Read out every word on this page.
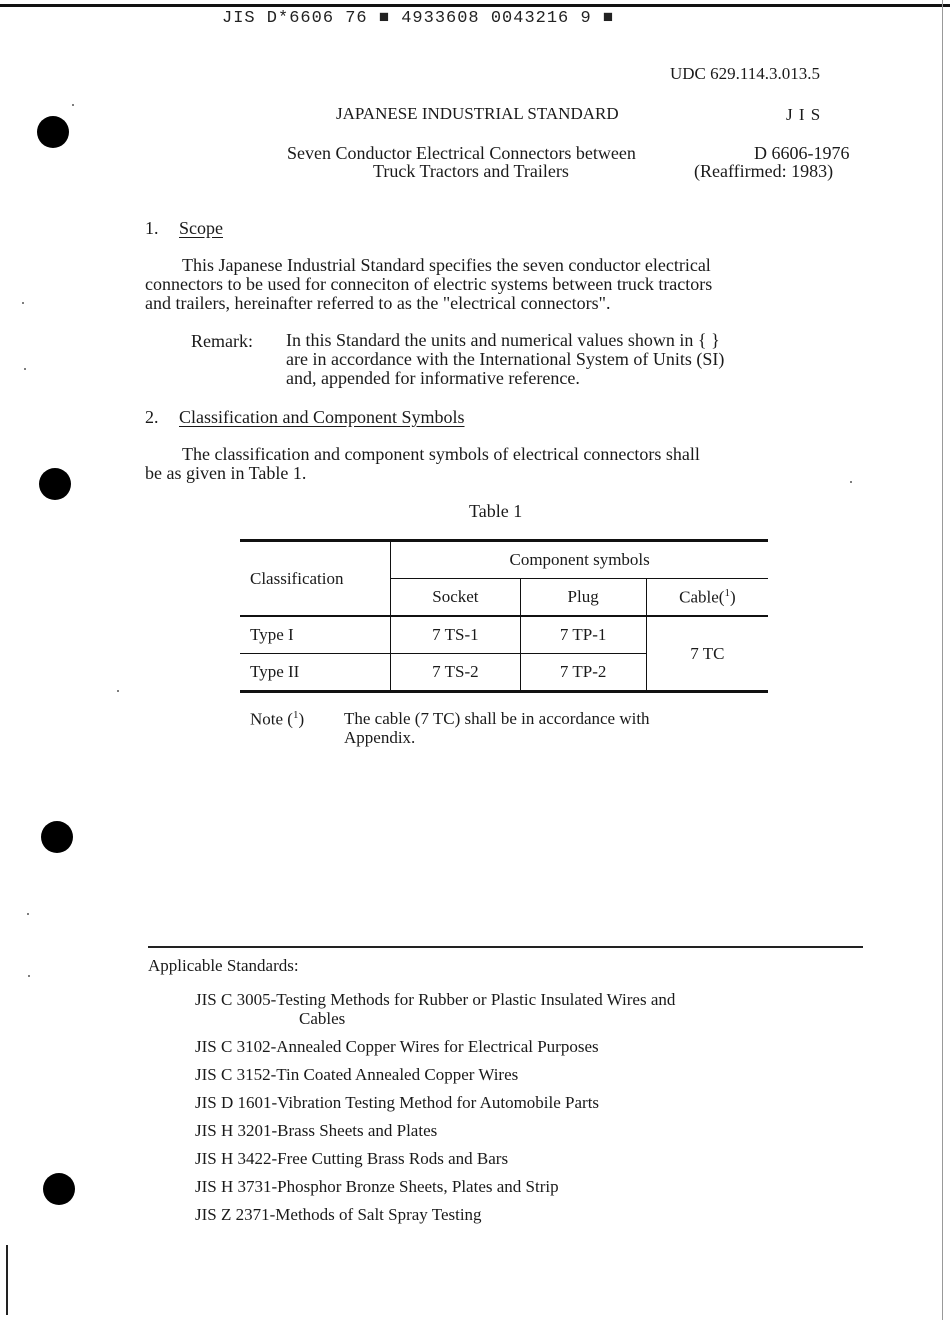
JIS D*6606 76 ■ 4933608 0043216 9 ■
UDC 629.114.3.013.5
JAPANESE INDUSTRIAL STANDARD	J I S
Seven Conductor Electrical Connectors between
Truck Tractors and Trailers
D 6606-1976
(Reaffirmed: 1983)
1. Scope
This Japanese Industrial Standard specifies the seven conductor electrical
connectors to be used for conneciton of electric systems between truck tractors
and trailers, hereinafter referred to as the "electrical connectors".
Remark: In this Standard the units and numerical values shown in { }
are in accordance with the International System of Units (SI)
and, appended for informative reference.
2. Classification and Component Symbols
The classification and component symbols of electrical connectors shall
be as given in Table 1.
Table 1
Classification	Component symbols		
	Socket	Plug	Cable($^1$)
Type I	7 TS-1	7 TP-1	7 TC
Type II	7 TS-2	7 TP-2	
Note ($^1$) The cable (7 TC) shall be in accordance with
Appendix.
Applicable Standards:
JIS C 3005-Testing Methods for Rubber or Plastic Insulated Wires and
Cables
JIS C 3102-Annealed Copper Wires for Electrical Purposes
JIS C 3152-Tin Coated Annealed Copper Wires
JIS D 1601-Vibration Testing Method for Automobile Parts
JIS H 3201-Brass Sheets and Plates
JIS H 3422-Free Cutting Brass Rods and Bars
JIS H 3731-Phosphor Bronze Sheets, Plates and Strip
JIS Z 2371-Methods of Salt Spray Testing
